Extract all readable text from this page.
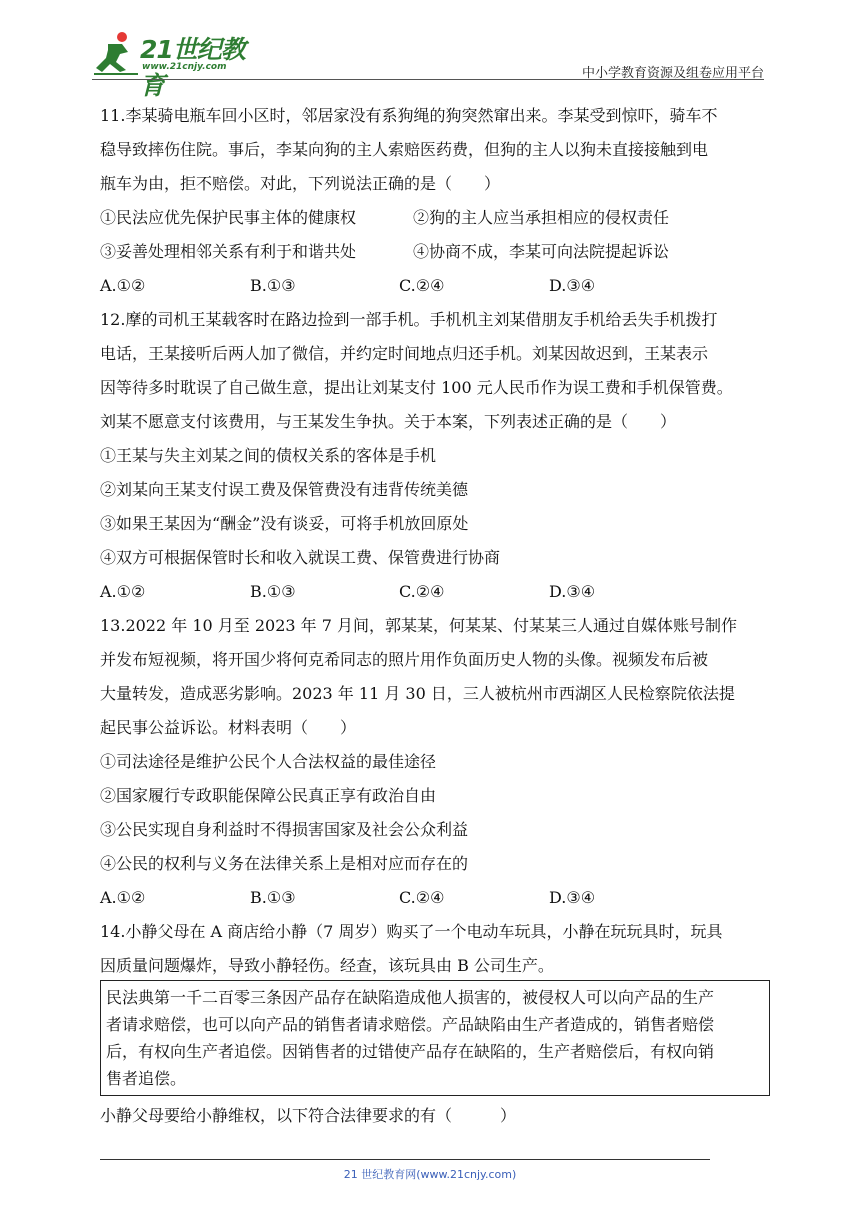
21世纪教育
www.21cnjy.com	中小学教育资源及组卷应用平台
11.李某骑电瓶车回小区时，邻居家没有系狗绳的狗突然窜出来。李某受到惊吓，骑车不
稳导致摔伤住院。事后，李某向狗的主人索赔医药费，但狗的主人以狗未直接接触到电
瓶车为由，拒不赔偿。对此，下列说法正确的是（　　）
①民法应优先保护民事主体的健康权	②狗的主人应当承担相应的侵权责任
③妥善处理相邻关系有利于和谐共处	④协商不成，李某可向法院提起诉讼
A.①②	B.①③	C.②④	D.③④
12.摩的司机王某载客时在路边捡到一部手机。手机机主刘某借朋友手机给丢失手机拨打
电话，王某接听后两人加了微信，并约定时间地点归还手机。刘某因故迟到，王某表示
因等待多时耽误了自己做生意，提出让刘某支付 100 元人民币作为误工费和手机保管费。
刘某不愿意支付该费用，与王某发生争执。关于本案，下列表述正确的是（　　）
①王某与失主刘某之间的债权关系的客体是手机
②刘某向王某支付误工费及保管费没有违背传统美德
③如果王某因为“酬金”没有谈妥，可将手机放回原处
④双方可根据保管时长和收入就误工费、保管费进行协商
A.①②	B.①③	C.②④	D.③④
13.2022 年 10 月至 2023 年 7 月间，郭某某，何某某、付某某三人通过自媒体账号制作
并发布短视频，将开国少将何克希同志的照片用作负面历史人物的头像。视频发布后被
大量转发，造成恶劣影响。2023 年 11 月 30 日，三人被杭州市西湖区人民检察院依法提
起民事公益诉讼。材料表明（　　）
①司法途径是维护公民个人合法权益的最佳途径
②国家履行专政职能保障公民真正享有政治自由
③公民实现自身利益时不得损害国家及社会公众利益
④公民的权利与义务在法律关系上是相对应而存在的
A.①②	B.①③	C.②④	D.③④
14.小静父母在 A 商店给小静（7 周岁）购买了一个电动车玩具，小静在玩玩具时，玩具
因质量问题爆炸，导致小静轻伤。经查，该玩具由 B 公司生产。
小静父母要给小静维权，以下符合法律要求的有（　　　）
民法典第一千二百零三条因产品存在缺陷造成他人损害的，被侵权人可以向产品的生产
者请求赔偿，也可以向产品的销售者请求赔偿。产品缺陷由生产者造成的，销售者赔偿
后，有权向生产者追偿。因销售者的过错使产品存在缺陷的，生产者赔偿后，有权向销
售者追偿。
21 世纪教育网(www.21cnjy.com)
